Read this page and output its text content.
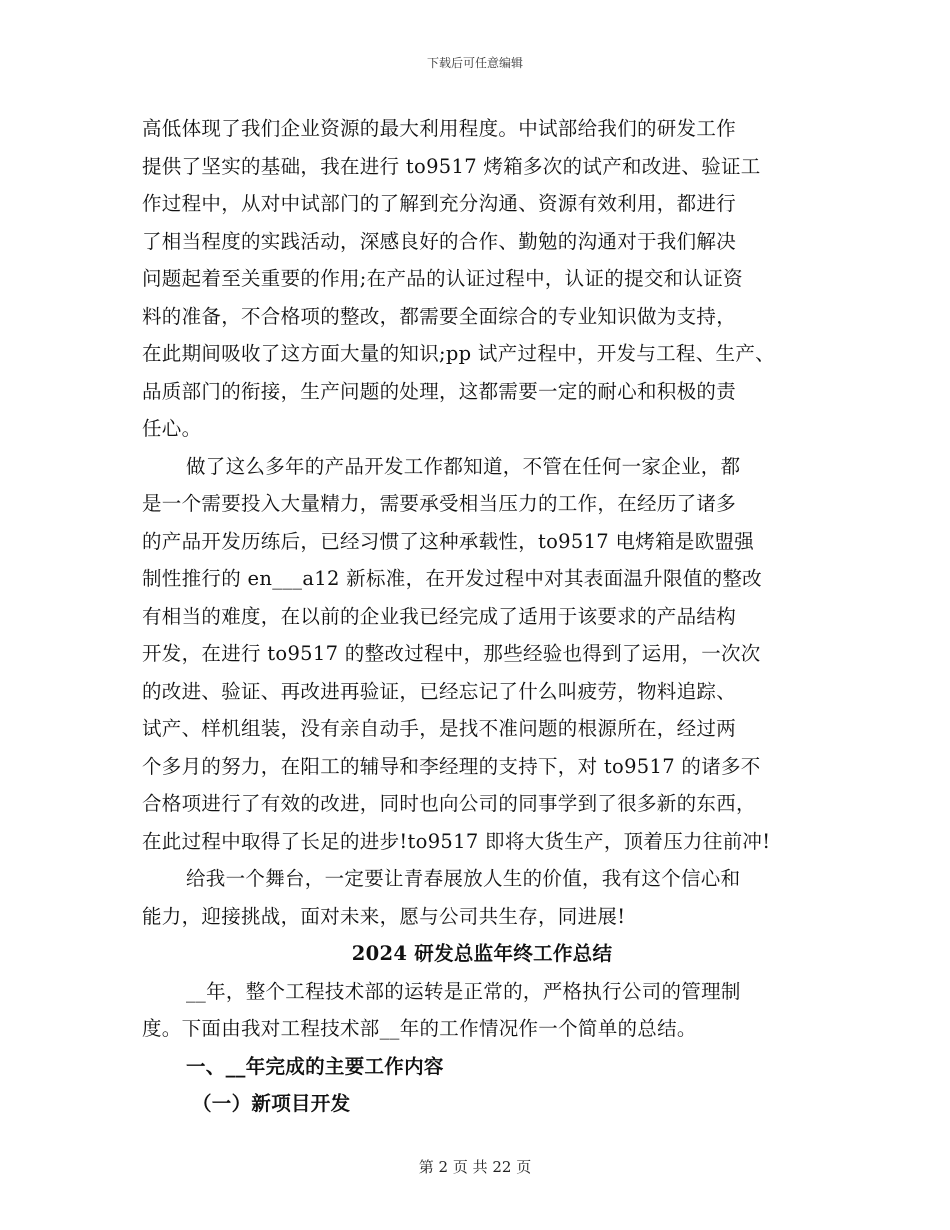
下载后可任意编辑
高低体现了我们企业资源的最大利用程度。中试部给我们的研发工作
提供了坚实的基础，我在进行 to9517 烤箱多次的试产和改进、验证工
作过程中，从对中试部门的了解到充分沟通、资源有效利用，都进行
了相当程度的实践活动，深感良好的合作、勤勉的沟通对于我们解决
问题起着至关重要的作用;在产品的认证过程中，认证的提交和认证资
料的准备，不合格项的整改，都需要全面综合的专业知识做为支持，
在此期间吸收了这方面大量的知识;pp 试产过程中，开发与工程、生产、
品质部门的衔接，生产问题的处理，这都需要一定的耐心和积极的责
任心。
做了这么多年的产品开发工作都知道，不管在任何一家企业，都
是一个需要投入大量精力，需要承受相当压力的工作，在经历了诸多
的产品开发历练后，已经习惯了这种承载性，to9517 电烤箱是欧盟强
制性推行的 en___a12 新标准，在开发过程中对其表面温升限值的整改
有相当的难度，在以前的企业我已经完成了适用于该要求的产品结构
开发，在进行 to9517 的整改过程中，那些经验也得到了运用，一次次
的改进、验证、再改进再验证，已经忘记了什么叫疲劳，物料追踪、
试产、样机组装，没有亲自动手，是找不准问题的根源所在，经过两
个多月的努力，在阳工的辅导和李经理的支持下，对 to9517 的诸多不
合格项进行了有效的改进，同时也向公司的同事学到了很多新的东西，
在此过程中取得了长足的进步!to9517 即将大货生产，顶着压力往前冲!
给我一个舞台，一定要让青春展放人生的价值，我有这个信心和
能力，迎接挑战，面对未来，愿与公司共生存，同进展!
2024 研发总监年终工作总结
__年，整个工程技术部的运转是正常的，严格执行公司的管理制
度。下面由我对工程技术部__年的工作情况作一个简单的总结。
一、__年完成的主要工作内容
（一）新项目开发
第 2 页 共 22 页
